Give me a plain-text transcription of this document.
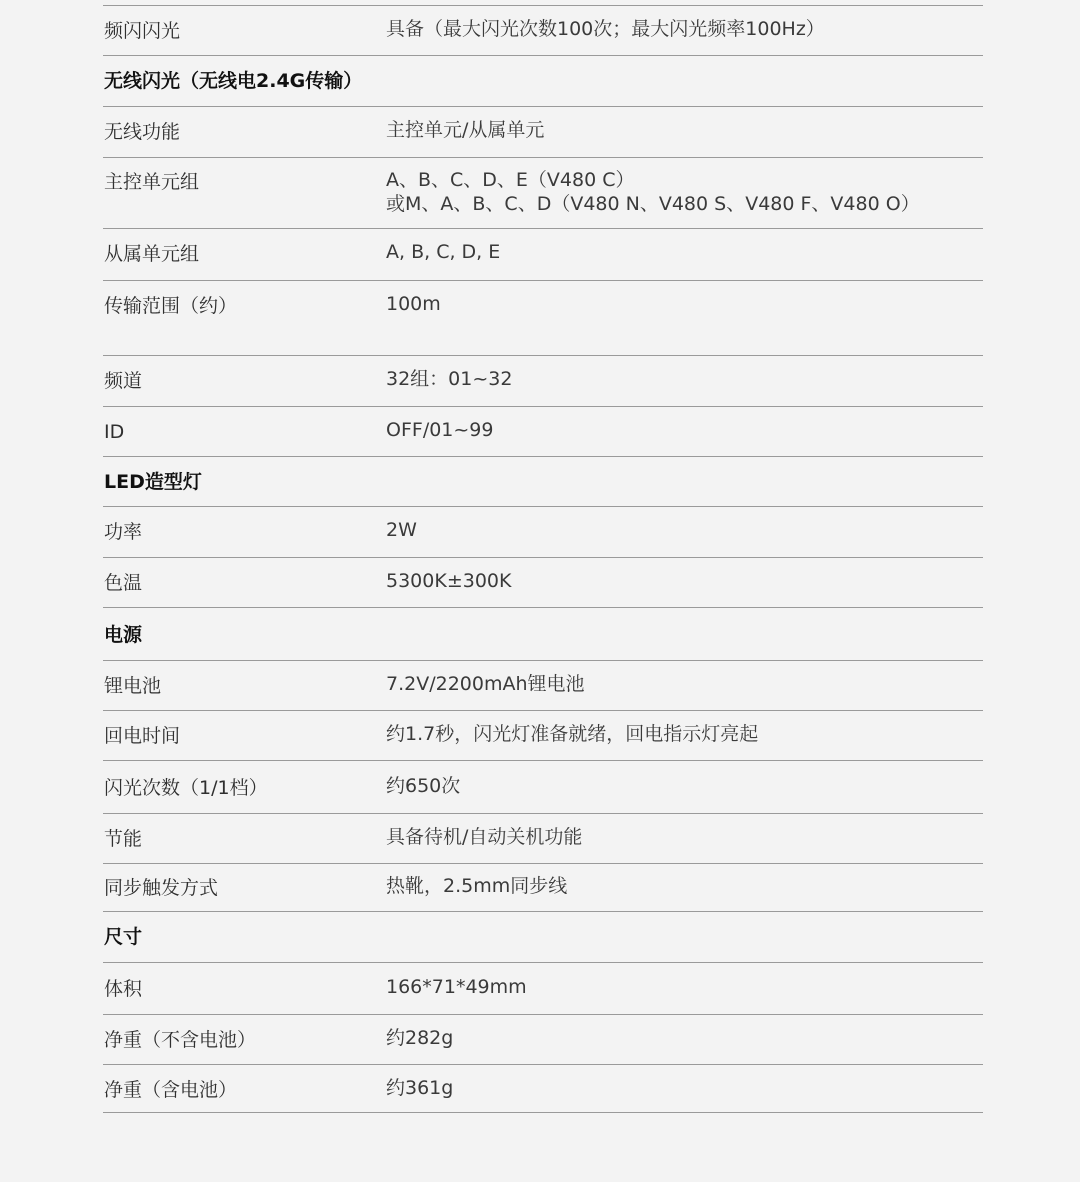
频闪闪光	具备（最大闪光次数100次；最大闪光频率100Hz）
无线闪光（无线电2.4G传输）
无线功能	主控单元/从属单元
主控单元组	A、B、C、D、E（V480 C）
或M、A、B、C、D（V480 N、V480 S、V480 F、V480 O）
从属单元组	A, B, C, D, E
传输范围（约）	100m
频道	32组：01~32
ID	OFF/01~99
LED造型灯
功率	2W
色温	5300K±300K
电源
锂电池	7.2V/2200mAh锂电池
回电时间	约1.7秒，闪光灯准备就绪，回电指示灯亮起
闪光次数（1/1档）	约650次
节能	具备待机/自动关机功能
同步触发方式	热靴，2.5mm同步线
尺寸
体积	166*71*49mm
净重（不含电池）	约282g
净重（含电池）	约361g
